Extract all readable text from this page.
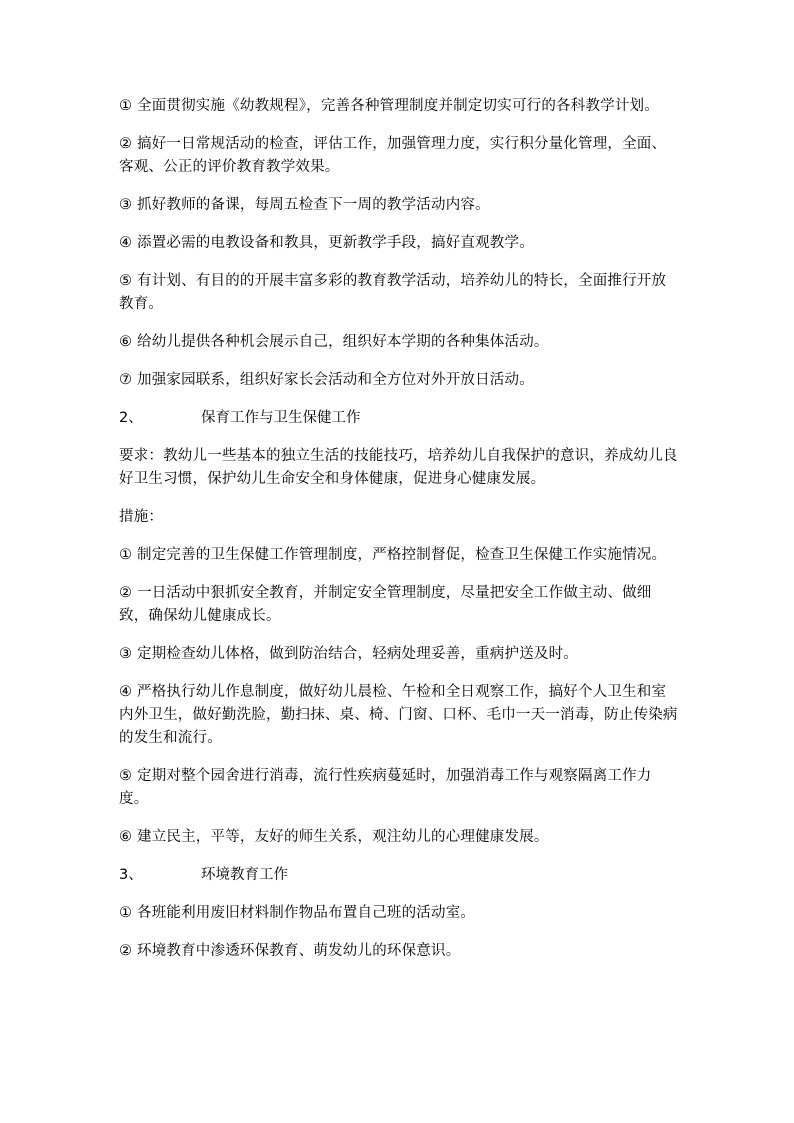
① 全面贯彻实施《幼教规程》，完善各种管理制度并制定切实可行的各科教学计划。

② 搞好一日常规活动的检查，评估工作，加强管理力度，实行积分量化管理，全面、客观、公正的评价教育教学效果。

③ 抓好教师的备课，每周五检查下一周的教学活动内容。

④ 添置必需的电教设备和教具，更新教学手段，搞好直观教学。

⑤ 有计划、有目的的开展丰富多彩的教育教学活动，培养幼儿的特长，全面推行开放教育。

⑥ 给幼儿提供各种机会展示自己，组织好本学期的各种集体活动。

⑦ 加强家园联系，组织好家长会活动和全方位对外开放日活动。

2、	保育工作与卫生保健工作

要求：教幼儿一些基本的独立生活的技能技巧，培养幼儿自我保护的意识，养成幼儿良好卫生习惯，保护幼儿生命安全和身体健康，促进身心健康发展。

措施：

① 制定完善的卫生保健工作管理制度，严格控制督促，检查卫生保健工作实施情况。

② 一日活动中狠抓安全教育，并制定安全管理制度，尽量把安全工作做主动、做细致，确保幼儿健康成长。

③ 定期检查幼儿体格，做到防治结合，轻病处理妥善，重病护送及时。

④ 严格执行幼儿作息制度，做好幼儿晨检、午检和全日观察工作，搞好个人卫生和室内外卫生，做好勤洗脸，勤扫抹、桌、椅、门窗、口杯、毛巾一天一消毒，防止传染病的发生和流行。

⑤ 定期对整个园舍进行消毒，流行性疾病蔓延时，加强消毒工作与观察隔离工作力度。

⑥ 建立民主，平等，友好的师生关系，观注幼儿的心理健康发展。

3、	环境教育工作

① 各班能利用废旧材料制作物品布置自己班的活动室。

② 环境教育中渗透环保教育、萌发幼儿的环保意识。
